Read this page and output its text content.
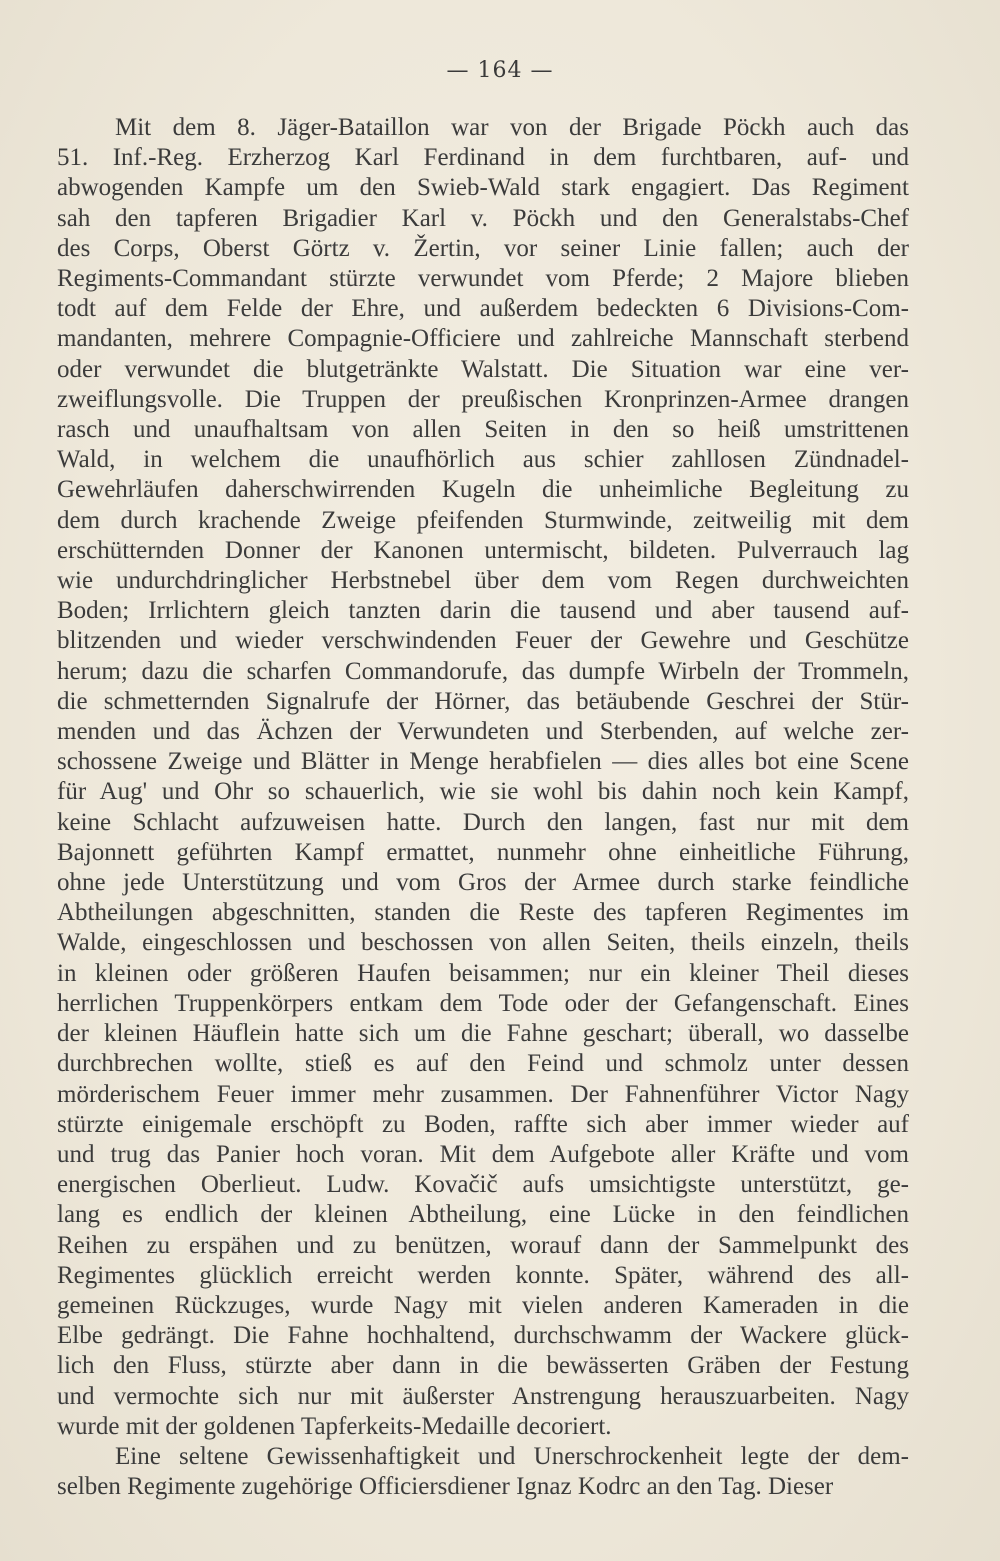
— 164 —
Mit dem 8. Jäger-Bataillon war von der Brigade Pöckh auch das
51. Inf.-Reg. Erzherzog Karl Ferdinand in dem furchtbaren, auf- und
abwogenden Kampfe um den Swieb-Wald stark engagiert. Das Regiment
sah den tapferen Brigadier Karl v. Pöckh und den Generalstabs-Chef
des Corps, Oberst Görtz v. Žertin, vor seiner Linie fallen; auch der
Regiments-Commandant stürzte verwundet vom Pferde; 2 Majore blieben
todt auf dem Felde der Ehre, und außerdem bedeckten 6 Divisions-Com-
mandanten, mehrere Compagnie-Officiere und zahlreiche Mannschaft sterbend
oder verwundet die blutgetränkte Walstatt. Die Situation war eine ver-
zweiflungsvolle. Die Truppen der preußischen Kronprinzen-Armee drangen
rasch und unaufhaltsam von allen Seiten in den so heiß umstrittenen
Wald, in welchem die unaufhörlich aus schier zahllosen Zündnadel-
Gewehrläufen daherschwirrenden Kugeln die unheimliche Begleitung zu
dem durch krachende Zweige pfeifenden Sturmwinde, zeitweilig mit dem
erschütternden Donner der Kanonen untermischt, bildeten. Pulverrauch lag
wie undurchdringlicher Herbstnebel über dem vom Regen durchweichten
Boden; Irrlichtern gleich tanzten darin die tausend und aber tausend auf-
blitzenden und wieder verschwindenden Feuer der Gewehre und Geschütze
herum; dazu die scharfen Commandorufe, das dumpfe Wirbeln der Trommeln,
die schmetternden Signalrufe der Hörner, das betäubende Geschrei der Stür-
menden und das Ächzen der Verwundeten und Sterbenden, auf welche zer-
schossene Zweige und Blätter in Menge herabfielen — dies alles bot eine Scene
für Aug' und Ohr so schauerlich, wie sie wohl bis dahin noch kein Kampf,
keine Schlacht aufzuweisen hatte. Durch den langen, fast nur mit dem
Bajonnett geführten Kampf ermattet, nunmehr ohne einheitliche Führung,
ohne jede Unterstützung und vom Gros der Armee durch starke feindliche
Abtheilungen abgeschnitten, standen die Reste des tapferen Regimentes im
Walde, eingeschlossen und beschossen von allen Seiten, theils einzeln, theils
in kleinen oder größeren Haufen beisammen; nur ein kleiner Theil dieses
herrlichen Truppenkörpers entkam dem Tode oder der Gefangenschaft. Eines
der kleinen Häuflein hatte sich um die Fahne geschart; überall, wo dasselbe
durchbrechen wollte, stieß es auf den Feind und schmolz unter dessen
mörderischem Feuer immer mehr zusammen. Der Fahnenführer Victor Nagy
stürzte einigemale erschöpft zu Boden, raffte sich aber immer wieder auf
und trug das Panier hoch voran. Mit dem Aufgebote aller Kräfte und vom
energischen Oberlieut. Ludw. Kovačič aufs umsichtigste unterstützt, ge-
lang es endlich der kleinen Abtheilung, eine Lücke in den feindlichen
Reihen zu erspähen und zu benützen, worauf dann der Sammelpunkt des
Regimentes glücklich erreicht werden konnte. Später, während des all-
gemeinen Rückzuges, wurde Nagy mit vielen anderen Kameraden in die
Elbe gedrängt. Die Fahne hochhaltend, durchschwamm der Wackere glück-
lich den Fluss, stürzte aber dann in die bewässerten Gräben der Festung
und vermochte sich nur mit äußerster Anstrengung herauszuarbeiten. Nagy
wurde mit der goldenen Tapferkeits-Medaille decoriert.
Eine seltene Gewissenhaftigkeit und Unerschrockenheit legte der dem-
selben Regimente zugehörige Officiersdiener Ignaz Kodrc an den Tag. Dieser
